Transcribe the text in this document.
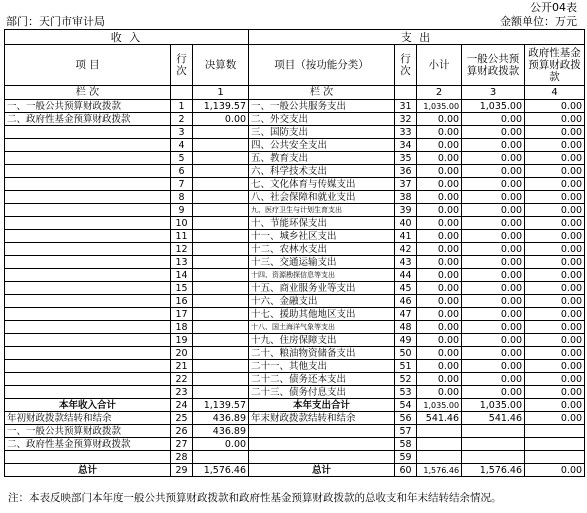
公开04表
部门：天门市审计局	金额单位：万元
收 入			支 出				
项 目	行次	决算数	项目（按功能分类）	行次	小计	一般公共预算财政拨款	政府性基金预算财政拨款
栏 次		1	栏 次		2	3	4
一、一般公共预算财政拨款	1	1,139.57	一、一般公共服务支出	31	1,035.00	1,035.00	0.00
二、政府性基金预算财政拨款	2	0.00	二、外交支出	32	0.00	0.00	0.00
	3		三、国防支出	33	0.00	0.00	0.00
	4		四、公共安全支出	34	0.00	0.00	0.00
	5		五、教育支出	35	0.00	0.00	0.00
	6		六、科学技术支出	36	0.00	0.00	0.00
	7		七、文化体育与传媒支出	37	0.00	0.00	0.00
	8		八、社会保障和就业支出	38	0.00	0.00	0.00
	9		九、医疗卫生与计划生育支出	39	0.00	0.00	0.00
	10		十、节能环保支出	40	0.00	0.00	0.00
	11		十一、城乡社区支出	41	0.00	0.00	0.00
	12		十二、农林水支出	42	0.00	0.00	0.00
	13		十三、交通运输支出	43	0.00	0.00	0.00
	14		十四、资源勘探信息等支出	44	0.00	0.00	0.00
	15		十五、商业服务业等支出	45	0.00	0.00	0.00
	16		十六、金融支出	46	0.00	0.00	0.00
	17		十七、援助其他地区支出	47	0.00	0.00	0.00
	18		十八、国土海洋气象等支出	48	0.00	0.00	0.00
	19		十九、住房保障支出	49	0.00	0.00	0.00
	20		二十、粮油物资储备支出	50	0.00	0.00	0.00
	21		二十一、其他支出	51	0.00	0.00	0.00
	22		二十二、债务还本支出	52	0.00	0.00	0.00
	23		二十三、债务付息支出	53	0.00	0.00	0.00
本年收入合计	24	1,139.57	本年支出合计	54	1,035.00	1,035.00	0.00
年初财政拨款结转和结余	25	436.89	年末财政拨款结转和结余	56	541.46	541.46	0.00
一、一般公共预算财政拨款	26	436.89		57			
二、政府性基金预算财政拨款	27	0.00		58			
	28			59			
总计	29	1,576.46	总计	60	1,576.46	1,576.46	0.00
注：本表反映部门本年度一般公共预算财政拨款和政府性基金预算财政拨款的总收支和年末结转结余情况。
